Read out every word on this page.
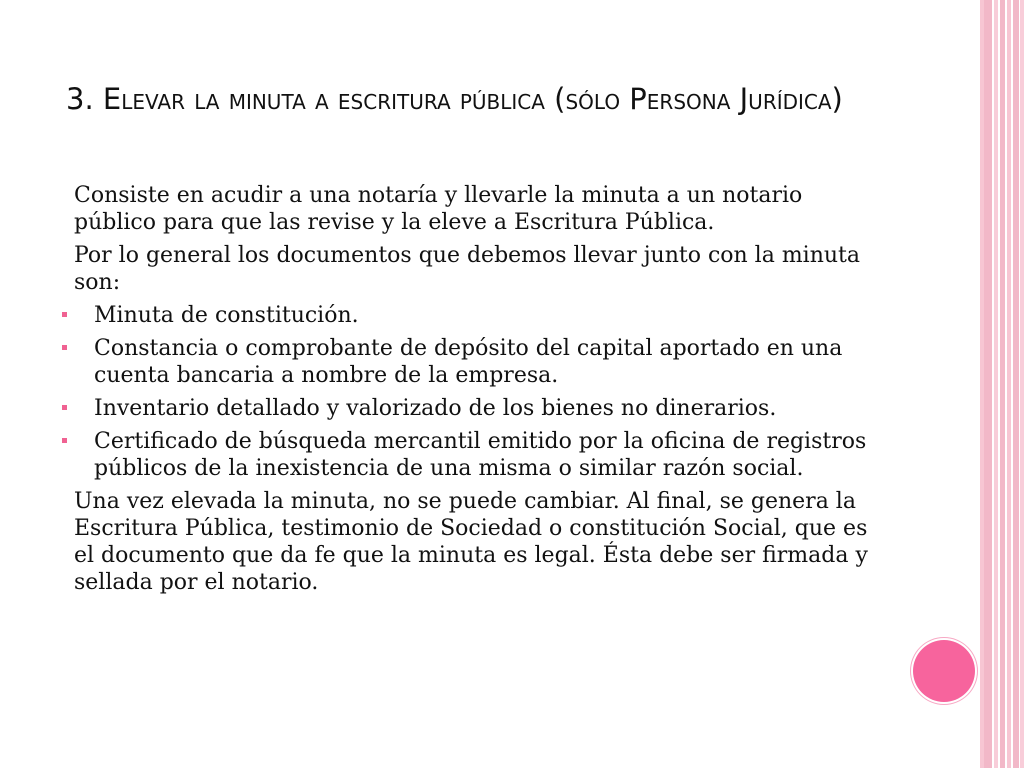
3. Elevar la minuta a escritura pública (sólo Persona Jurídica)

Consiste en acudir a una notaría y llevarle la minuta a un notario público para que las revise y la eleve a Escritura Pública.

Por lo general los documentos que debemos llevar junto con la minuta son:

Minuta de constitución.
Constancia o comprobante de depósito del capital aportado en una cuenta bancaria a nombre de la empresa.
Inventario detallado y valorizado de los bienes no dinerarios.
Certificado de búsqueda mercantil emitido por la oficina de registros públicos de la inexistencia de una misma o similar razón social.

Una vez elevada la minuta, no se puede cambiar. Al final, se genera la Escritura Pública, testimonio de Sociedad o constitución Social, que es el documento que da fe que la minuta es legal. Ésta debe ser firmada y sellada por el notario.
